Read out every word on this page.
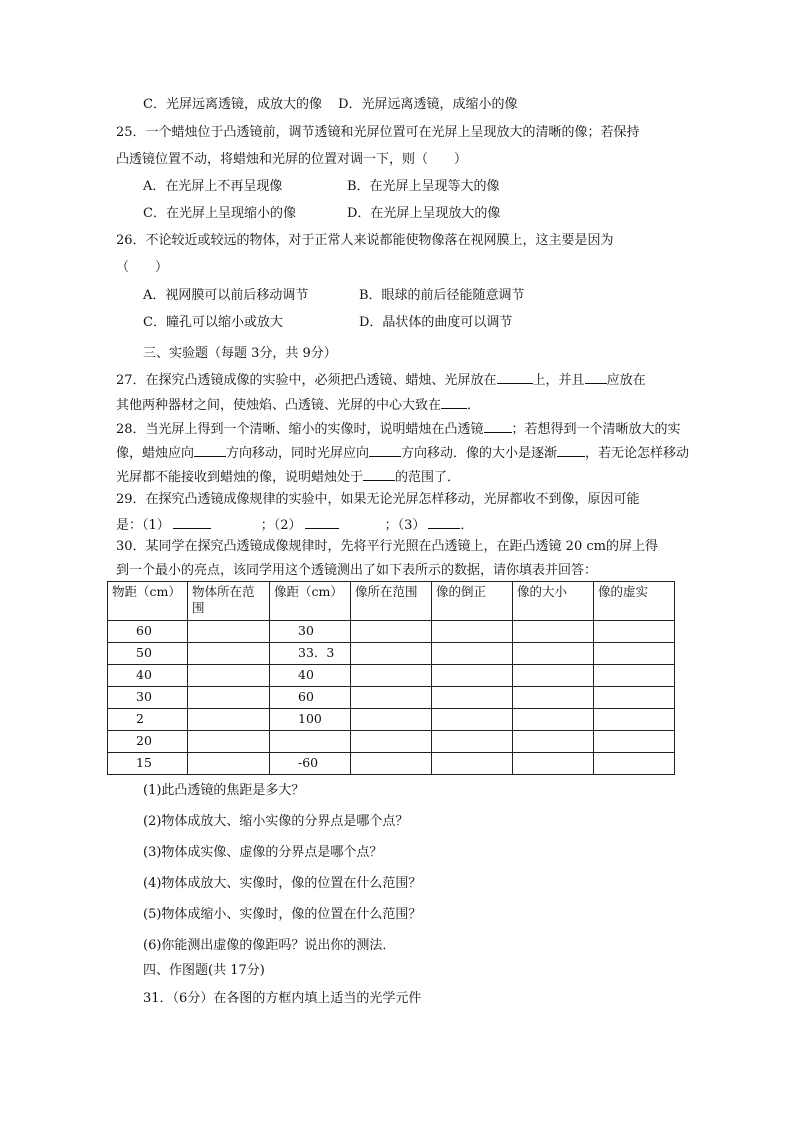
C．光屏远离透镜，成放大的像 D．光屏远离透镜，成缩小的像
25．一个蜡烛位于凸透镜前，调节透镜和光屏位置可在光屏上呈现放大的清晰的像；若保持
凸透镜位置不动，将蜡烛和光屏的位置对调一下，则（　　）
A．在光屏上不再呈现像	B．在光屏上呈现等大的像
C．在光屏上呈现缩小的像	D．在光屏上呈现放大的像
26．不论较近或较远的物体，对于正常人来说都能使物像落在视网膜上，这主要是因为
（　　）
A．视网膜可以前后移动调节	B．眼球的前后径能随意调节
C．瞳孔可以缩小或放大	D．晶状体的曲度可以调节
三、实验题（每题 3分，共 9分）
27．在探究凸透镜成像的实验中，必须把凸透镜、蜡烛、光屏放在	上，并且 应放在
其他两种器材之间，使烛焰、凸透镜、光屏的中心大致在 ．
28．当光屏上得到一个清晰、缩小的实像时，说明蜡烛在凸透镜 ；若想得到一个清晰放大的实
像，蜡烛应向 方向移动，同时光屏应向 方向移动．像的大小是逐渐 ，若无论怎样移动
光屏都不能接收到蜡烛的像，说明蜡烛处于 的范围了．
29．在探究凸透镜成像规律的实验中，如果无论光屏怎样移动，光屏都收不到像，原因可能
是：（1）	；（2）	；（3）	．
30．某同学在探究凸透镜成像规律时，先将平行光照在凸透镜上，在距凸透镜 20 cm的屏上得
到一个最小的亮点，该同学用这个透镜测出了如下表所示的数据，请你填表并回答：
物距（cm）	物体所在范围	像距（cm）	像所在范围	像的倒正	像的大小	像的虚实
60		30				
50		33．3				
40		40				
30		60				
2		100				
20						
15		-60				
(1)此凸透镜的焦距是多大？
(2)物体成放大、缩小实像的分界点是哪个点？
(3)物体成实像、虚像的分界点是哪个点？
(4)物体成放大、实像时，像的位置在什么范围？
(5)物体成缩小、实像时，像的位置在什么范围？
(6)你能测出虚像的像距吗？说出你的测法．
四、作图题(共 17分)
31．（6分）在各图的方框内填上适当的光学元件
